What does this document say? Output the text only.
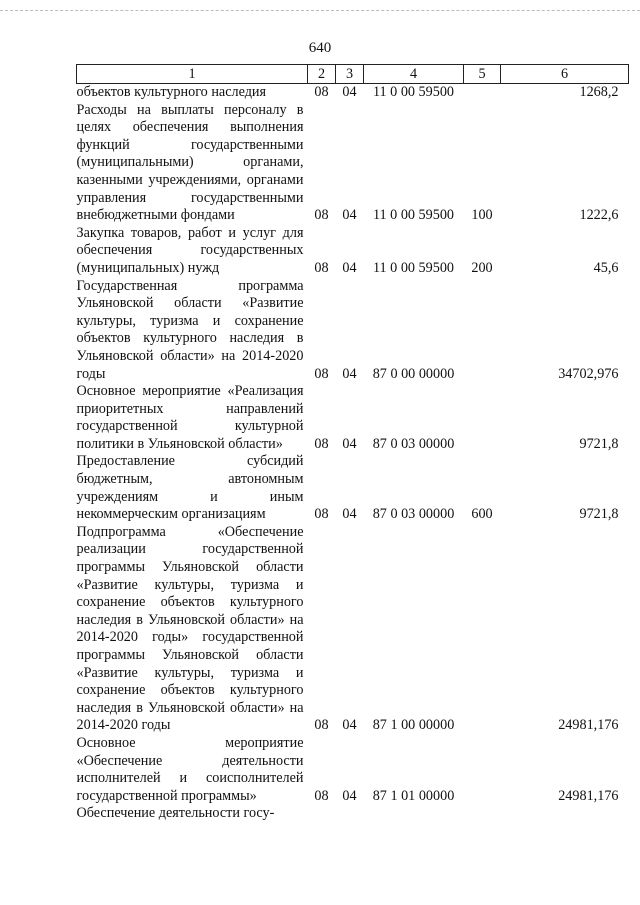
640
1	2	3	4	5	6
объектов культурного наследия	08	04	11 0 00 59500		1268,2
Расходы на выплаты персоналу в целях обеспечения выполнения функций государственными (муниципальными) органами, казенными учреждениями, органами управления государственными внебюджетными фондами	08	04	11 0 00 59500	100	1222,6
Закупка товаров, работ и услуг для обеспечения государственных (муниципальных) нужд	08	04	11 0 00 59500	200	45,6
Государственная программа Ульяновской области «Развитие культуры, туризма и сохранение объектов культурного наследия в Ульяновской области» на 2014-2020 годы	08	04	87 0 00 00000		34702,976
Основное мероприятие «Реализация приоритетных направлений государственной культурной политики в Ульяновской области»	08	04	87 0 03 00000		9721,8
Предоставление субсидий бюджетным, автономным учреждениям и иным некоммерческим организациям	08	04	87 0 03 00000	600	9721,8
Подпрограмма «Обеспечение реализации государственной программы Ульяновской области «Развитие культуры, туризма и сохранение объектов культурного наследия в Ульяновской области» на 2014-2020 годы» государственной программы Ульяновской области «Развитие культуры, туризма и сохранение объектов культурного наследия в Ульяновской области» на 2014-2020 годы	08	04	87 1 00 00000		24981,176
Основное мероприятие «Обеспечение деятельности исполнителей и соисполнителей государственной программы»	08	04	87 1 01 00000		24981,176
Обеспечение деятельности госу-					
